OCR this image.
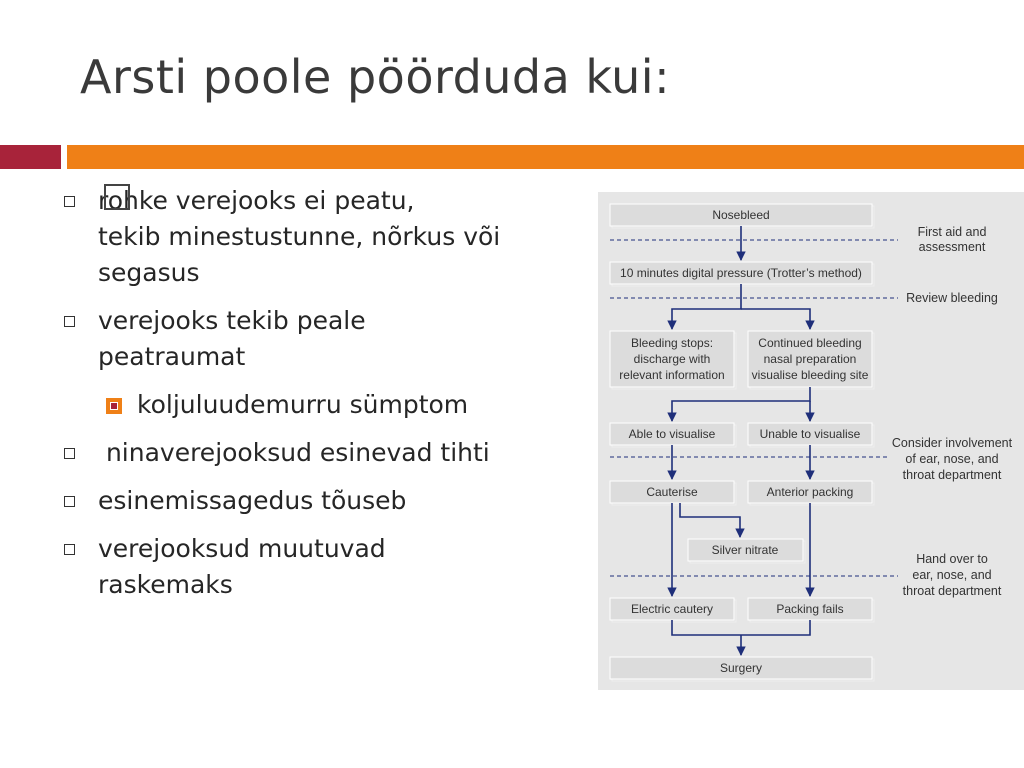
Arsti poole pöörduda kui:
rohke verejooks ei peatu,
tekib minestustunne, nõrkus või
segasus
verejooks tekib peale
peatraumat
koljuluudemurru sümptom
ninaverejooksud esinevad tihti
esinemissagedus tõuseb
verejooksud muutuvad
raskemaks
Nosebleed
10 minutes digital pressure (Trotter’s method)
Bleeding stops:
discharge with
relevant information
Continued bleeding
nasal preparation
visualise bleeding site
Able to visualise	Unable to visualise
Cauterise	Anterior packing
Silver nitrate
Electric cautery	Packing fails
Surgery
First aid and
assessment
Review bleeding
Consider involvement
of ear, nose, and
throat department
Hand over to
ear, nose, and
throat department
